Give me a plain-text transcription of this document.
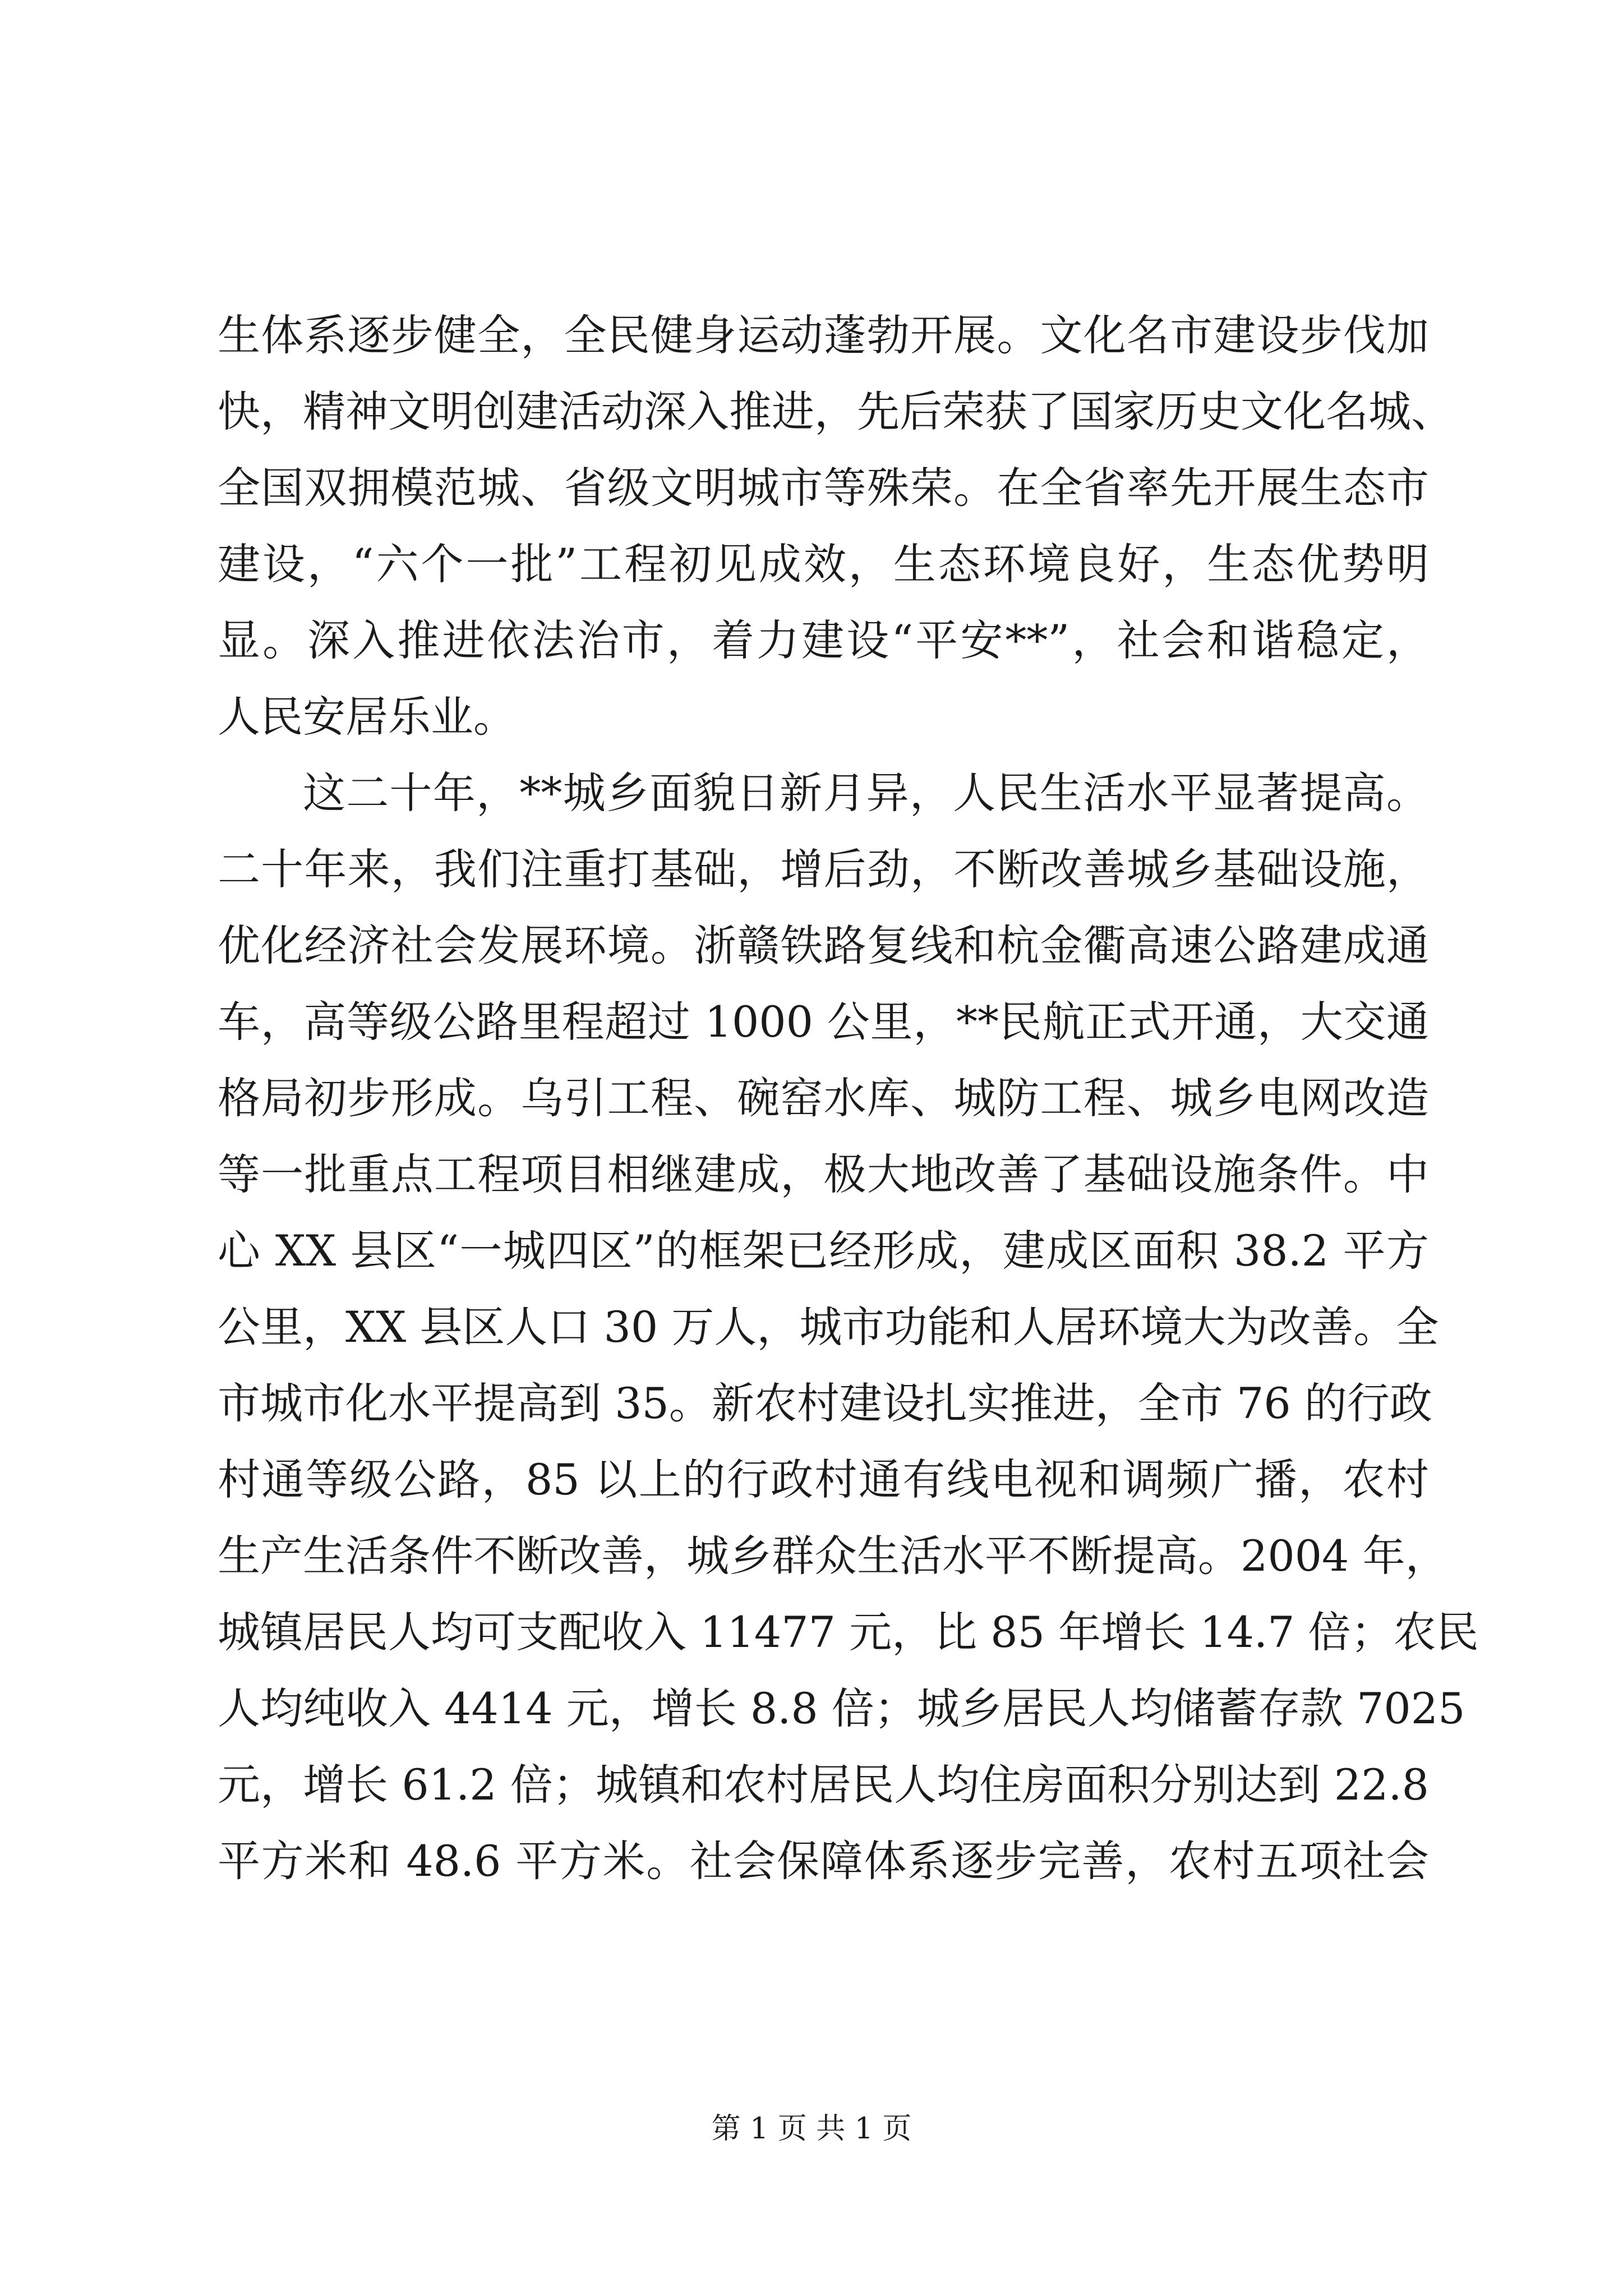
生体系逐步健全，全民健身运动蓬勃开展。文化名市建设步伐加
快，精神文明创建活动深入推进，先后荣获了国家历史文化名城、
全国双拥模范城、省级文明城市等殊荣。在全省率先开展生态市
建设，“六个一批”工程初见成效，生态环境良好，生态优势明
显。深入推进依法治市，着力建设“平安**”，社会和谐稳定，
人民安居乐业。
这二十年，**城乡面貌日新月异，人民生活水平显著提高。
二十年来，我们注重打基础，增后劲，不断改善城乡基础设施，
优化经济社会发展环境。浙赣铁路复线和杭金衢高速公路建成通
车，高等级公路里程超过 1000 公里，**民航正式开通，大交通
格局初步形成。乌引工程、碗窑水库、城防工程、城乡电网改造
等一批重点工程项目相继建成，极大地改善了基础设施条件。中
心 XX 县区“一城四区”的框架已经形成，建成区面积 38.2 平方
公里，XX 县区人口 30 万人，城市功能和人居环境大为改善。全
市城市化水平提高到 35。新农村建设扎实推进，全市 76 的行政
村通等级公路，85 以上的行政村通有线电视和调频广播，农村
生产生活条件不断改善，城乡群众生活水平不断提高。2004 年，
城镇居民人均可支配收入 11477 元，比 85 年增长 14.7 倍；农民
人均纯收入 4414 元，增长 8.8 倍；城乡居民人均储蓄存款 7025
元，增长 61.2 倍；城镇和农村居民人均住房面积分别达到 22.8
平方米和 48.6 平方米。社会保障体系逐步完善，农村五项社会
第 1 页 共 1 页
